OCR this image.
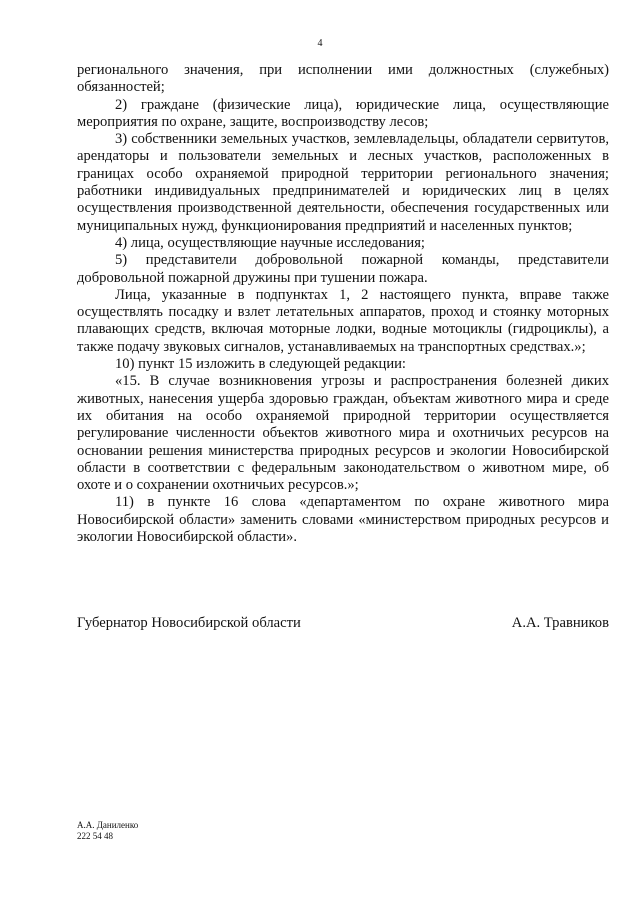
4

регионального значения, при исполнении ими должностных (служебных) обязанностей;

2) граждане (физические лица), юридические лица, осуществляющие мероприятия по охране, защите, воспроизводству лесов;

3) собственники земельных участков, землевладельцы, обладатели сервитутов, арендаторы и пользователи земельных и лесных участков, расположенных в границах особо охраняемой природной территории регионального значения; работники индивидуальных предпринимателей и юридических лиц в целях осуществления производственной деятельности, обеспечения государственных или муниципальных нужд, функционирования предприятий и населенных пунктов;

4) лица, осуществляющие научные исследования;

5) представители добровольной пожарной команды, представители добровольной пожарной дружины при тушении пожара.

Лица, указанные в подпунктах 1, 2 настоящего пункта, вправе также осуществлять посадку и взлет летательных аппаратов, проход и стоянку моторных плавающих средств, включая моторные лодки, водные мотоциклы (гидроциклы), а также подачу звуковых сигналов, устанавливаемых на транспортных средствах.»;

10) пункт 15 изложить в следующей редакции:

«15. В случае возникновения угрозы и распространения болезней диких животных, нанесения ущерба здоровью граждан, объектам животного мира и среде их обитания на особо охраняемой природной территории осуществляется регулирование численности объектов животного мира и охотничьих ресурсов на основании решения министерства природных ресурсов и экологии Новосибирской области в соответствии с федеральным законодательством о животном мире, об охоте и о сохранении охотничьих ресурсов.»;

11) в пункте 16 слова «департаментом по охране животного мира Новосибирской области» заменить словами «министерством природных ресурсов и экологии Новосибирской области».

Губернатор Новосибирской области	А.А. Травников
А.А. Даниленко
222 54 48
